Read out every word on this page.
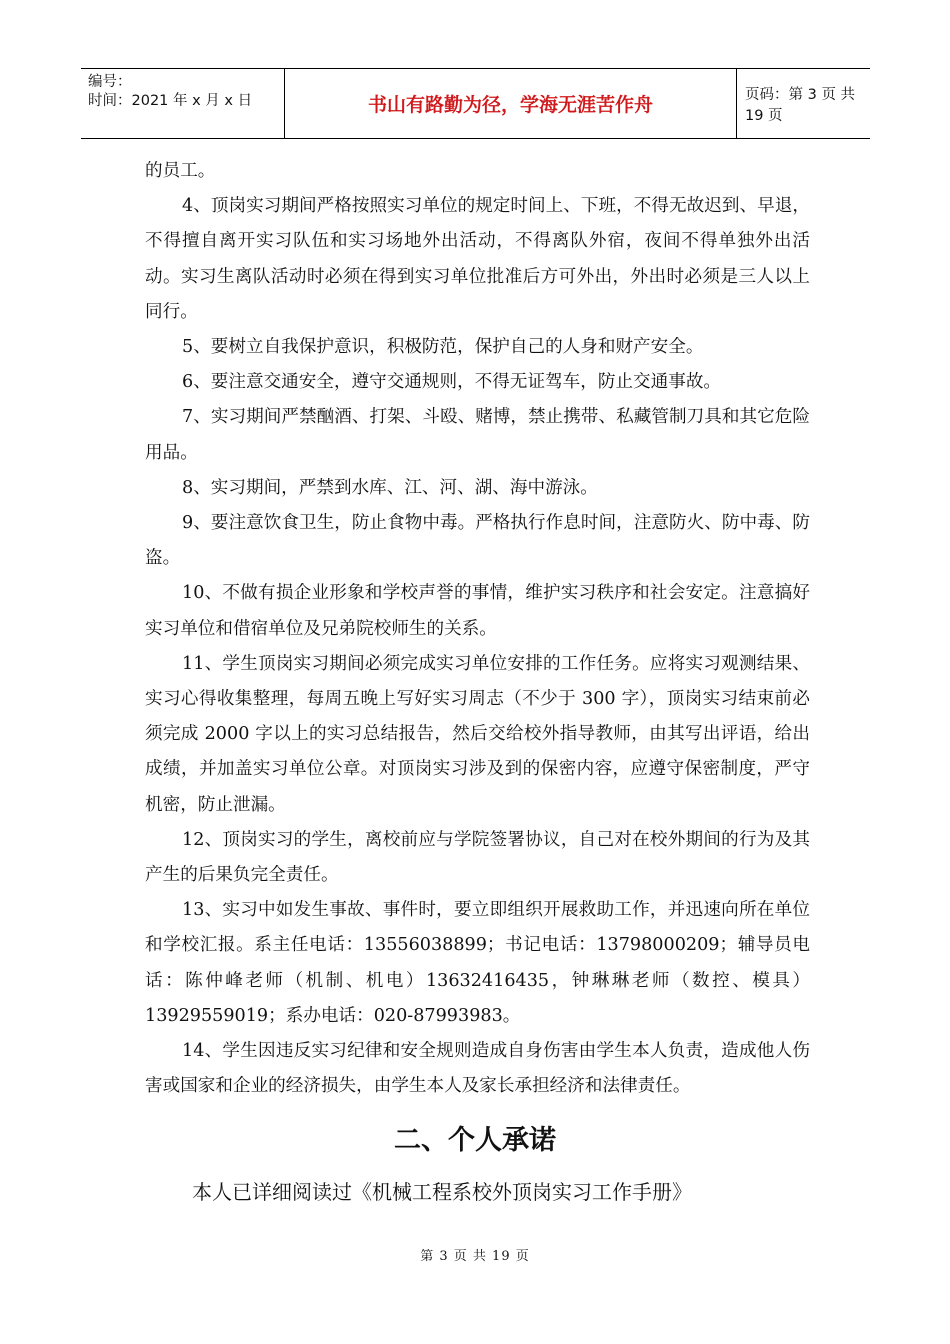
编号：
时间：2021 年 x 月 x 日	书山有路勤为径，学海无涯苦作舟	页码：第 3 页 共 19 页

的员工。

4、顶岗实习期间严格按照实习单位的规定时间上、下班，不得无故迟到、早退，不得擅自离开实习队伍和实习场地外出活动，不得离队外宿，夜间不得单独外出活动。实习生离队活动时必须在得到实习单位批准后方可外出，外出时必须是三人以上同行。

5、要树立自我保护意识，积极防范，保护自己的人身和财产安全。

6、要注意交通安全，遵守交通规则，不得无证驾车，防止交通事故。

7、实习期间严禁酗酒、打架、斗殴、赌博，禁止携带、私藏管制刀具和其它危险用品。

8、实习期间，严禁到水库、江、河、湖、海中游泳。

9、要注意饮食卫生，防止食物中毒。严格执行作息时间，注意防火、防中毒、防盗。

10、不做有损企业形象和学校声誉的事情，维护实习秩序和社会安定。注意搞好实习单位和借宿单位及兄弟院校师生的关系。

11、学生顶岗实习期间必须完成实习单位安排的工作任务。应将实习观测结果、实习心得收集整理，每周五晚上写好实习周志（不少于 300 字），顶岗实习结束前必须完成 2000 字以上的实习总结报告，然后交给校外指导教师，由其写出评语，给出成绩，并加盖实习单位公章。对顶岗实习涉及到的保密内容，应遵守保密制度，严守机密，防止泄漏。

12、顶岗实习的学生，离校前应与学院签署协议，自己对在校外期间的行为及其产生的后果负完全责任。

13、实习中如发生事故、事件时，要立即组织开展救助工作，并迅速向所在单位和学校汇报。系主任电话：13556038899；书记电话：13798000209；辅导员电话：陈仲峰老师（机制、机电）13632416435，钟琳琳老师（数控、模具）13929559019；系办电话：020-87993983。

14、学生因违反实习纪律和安全规则造成自身伤害由学生本人负责，造成他人伤害或国家和企业的经济损失，由学生本人及家长承担经济和法律责任。

二、个人承诺
本人已详细阅读过《机械工程系校外顶岗实习工作手册》
第 3 页 共 19 页
